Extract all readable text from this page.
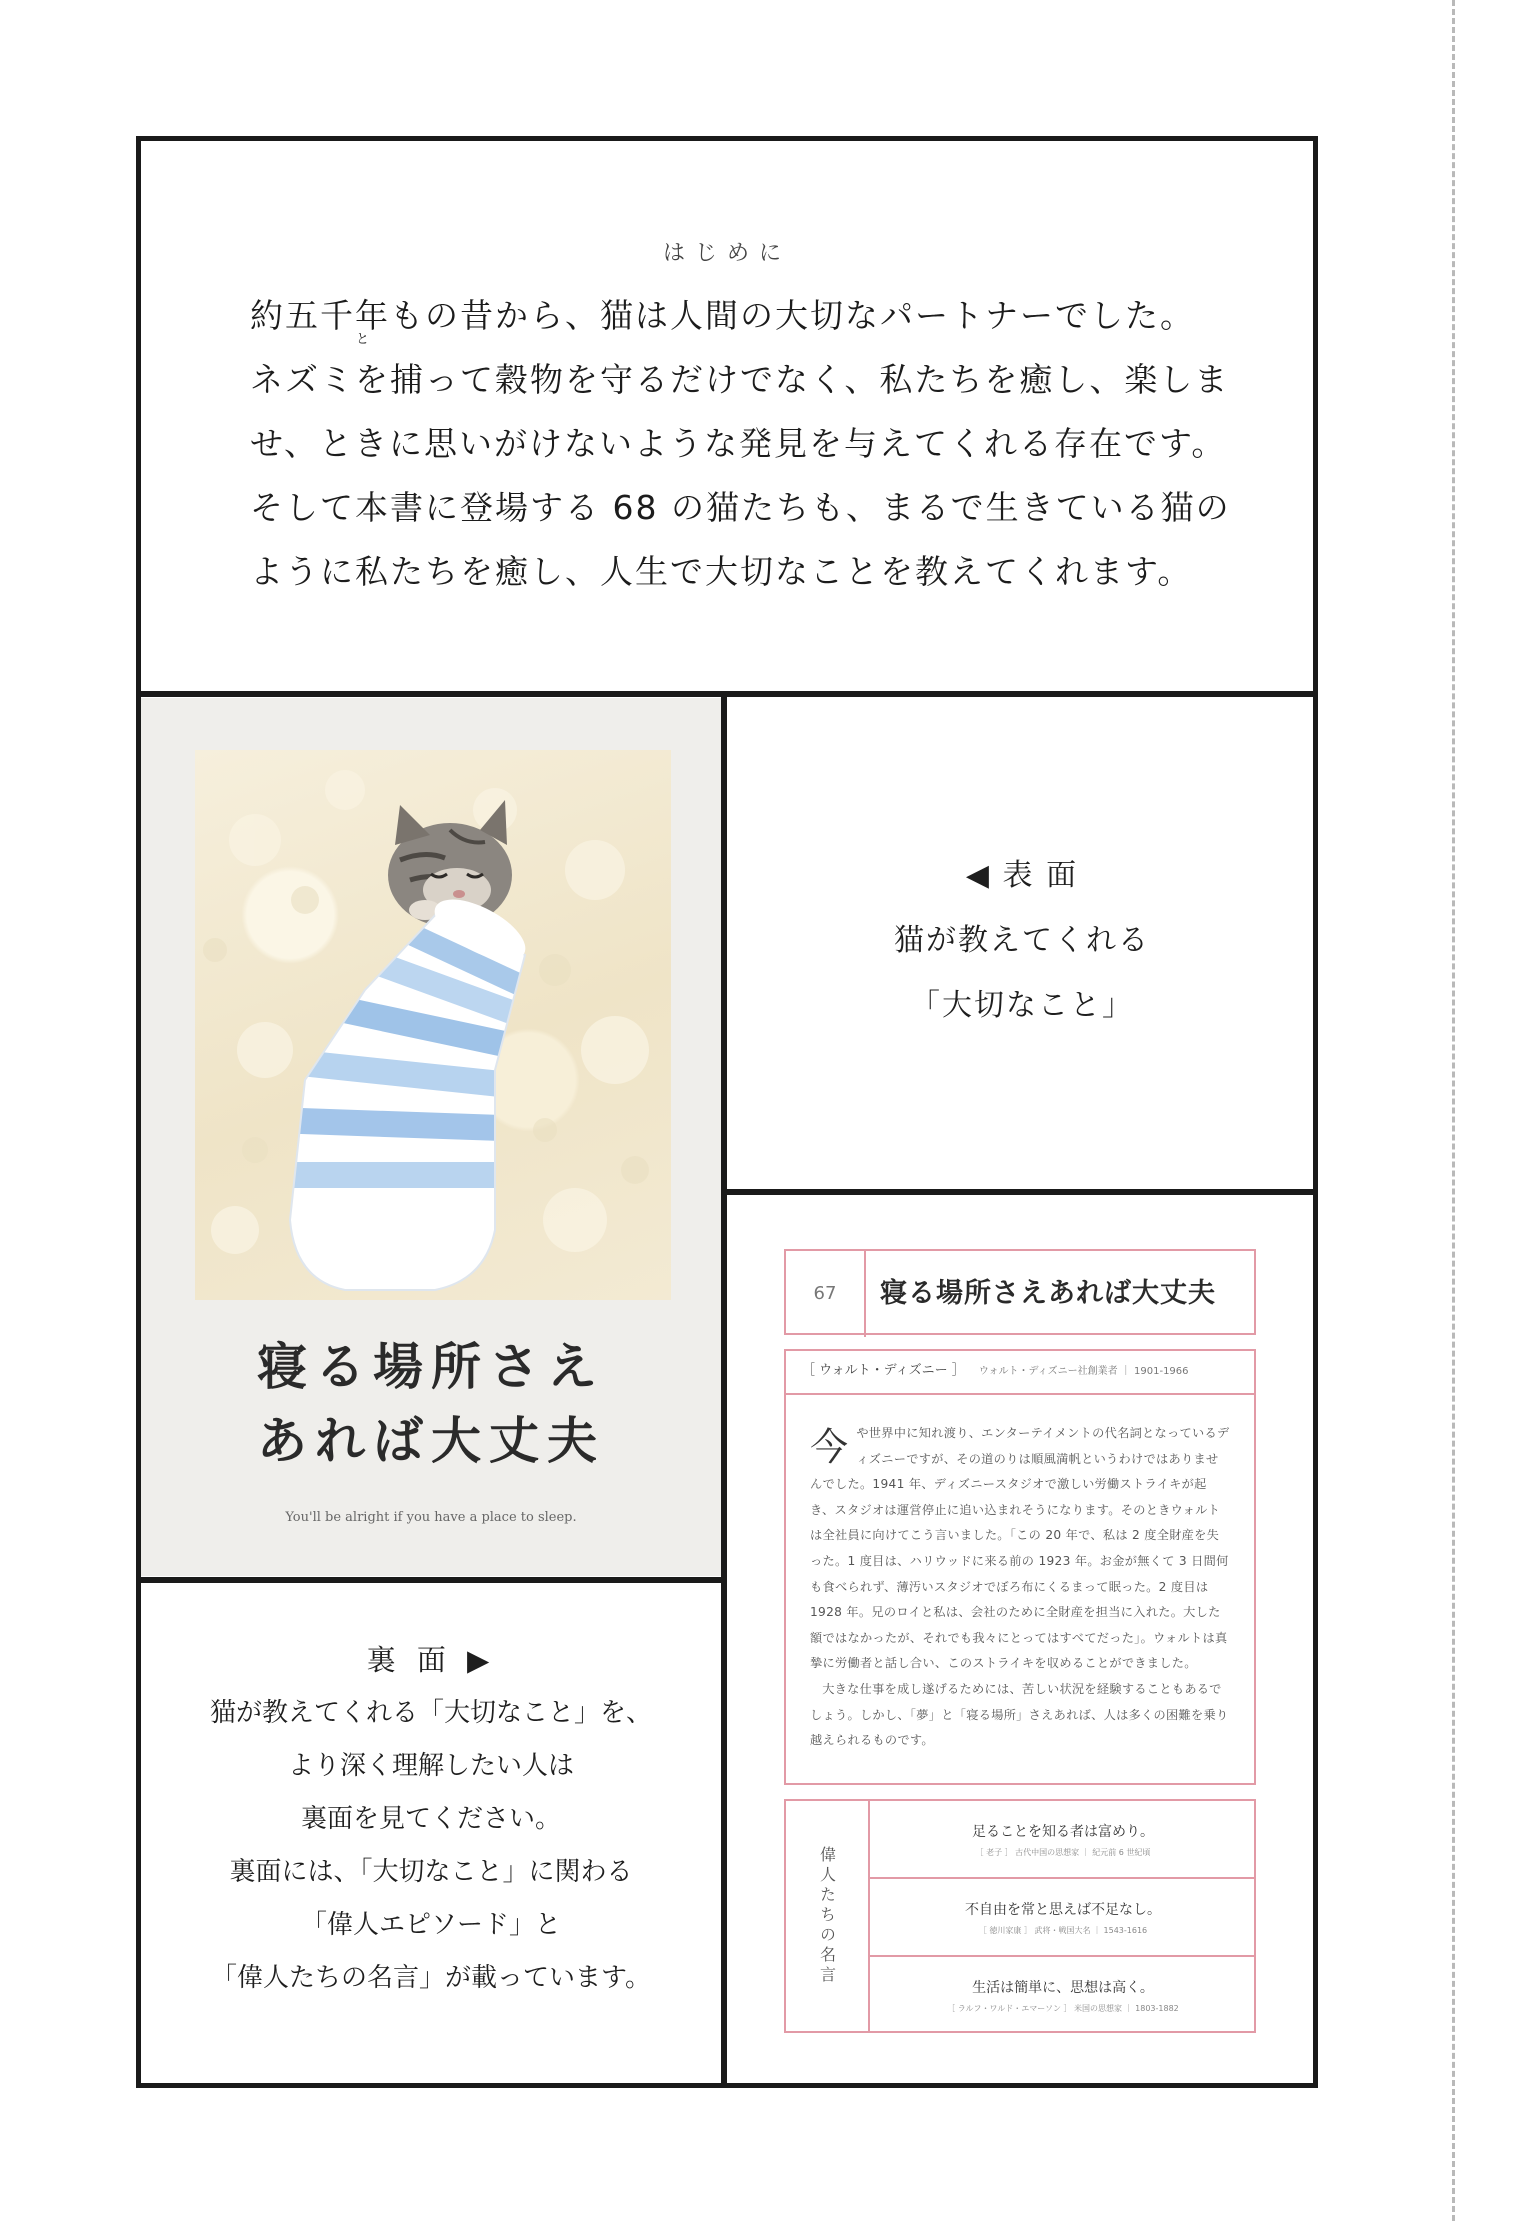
はじめに

約五千年もの昔から、猫は人間の大切なパートナーでした。

と
ネズミを捕って穀物を守るだけでなく、私たちを癒し、楽しま

せ、ときに思いがけないような発見を与えてくれる存在です。

そして本書に登場する 68 の猫たちも、まるで生きている猫の

ように私たちを癒し、人生で大切なことを教えてくれます。

寝る場所さえ

あれば大丈夫

You'll be alright if you have a place to sleep.

◀ 表 面

猫が教えてくれる

「大切なこと」

裏 面 ▶

猫が教えてくれる「大切なこと」を、

より深く理解したい人は

裏面を見てください。

裏面には、「大切なこと」に関わる

「偉人エピソード」と

「偉人たちの名言」が載っています。

67	寝る場所さえあれば大丈夫
［ ウォルト・ディズニー ］ ウォルト・ディズニー社創業者 ｜ 1901-1966

今や世界中に知れ渡り、エンターテイメントの代名詞となっているディズニーですが、その道のりは順風満帆というわけではありませんでした。1941 年、ディズニースタジオで激しい労働ストライキが起き、スタジオは運営停止に追い込まれそうになります。そのときウォルトは全社員に向けてこう言いました。「この 20 年で、私は 2 度全財産を失った。1 度目は、ハリウッドに来る前の 1923 年。お金が無くて 3 日間何も食べられず、薄汚いスタジオでぼろ布にくるまって眠った。2 度目は 1928 年。兄のロイと私は、会社のために全財産を担当に入れた。大した額ではなかったが、それでも我々にとってはすべてだった」。ウォルトは真摯に労働者と話し合い、このストライキを収めることができました。

大きな仕事を成し遂げるためには、苦しい状況を経験することもあるでしょう。しかし、「夢」と「寝る場所」さえあれば、人は多くの困難を乗り越えられるものです。

偉人たちの名言
足ることを知る者は富めり。
［ 老子 ］ 古代中国の思想家 ｜ 紀元前 6 世紀頃
不自由を常と思えば不足なし。
［ 徳川家康 ］ 武将・戦国大名 ｜ 1543-1616
生活は簡単に、思想は高く。
［ ラルフ・ワルド・エマーソン ］ 米国の思想家 ｜ 1803-1882
